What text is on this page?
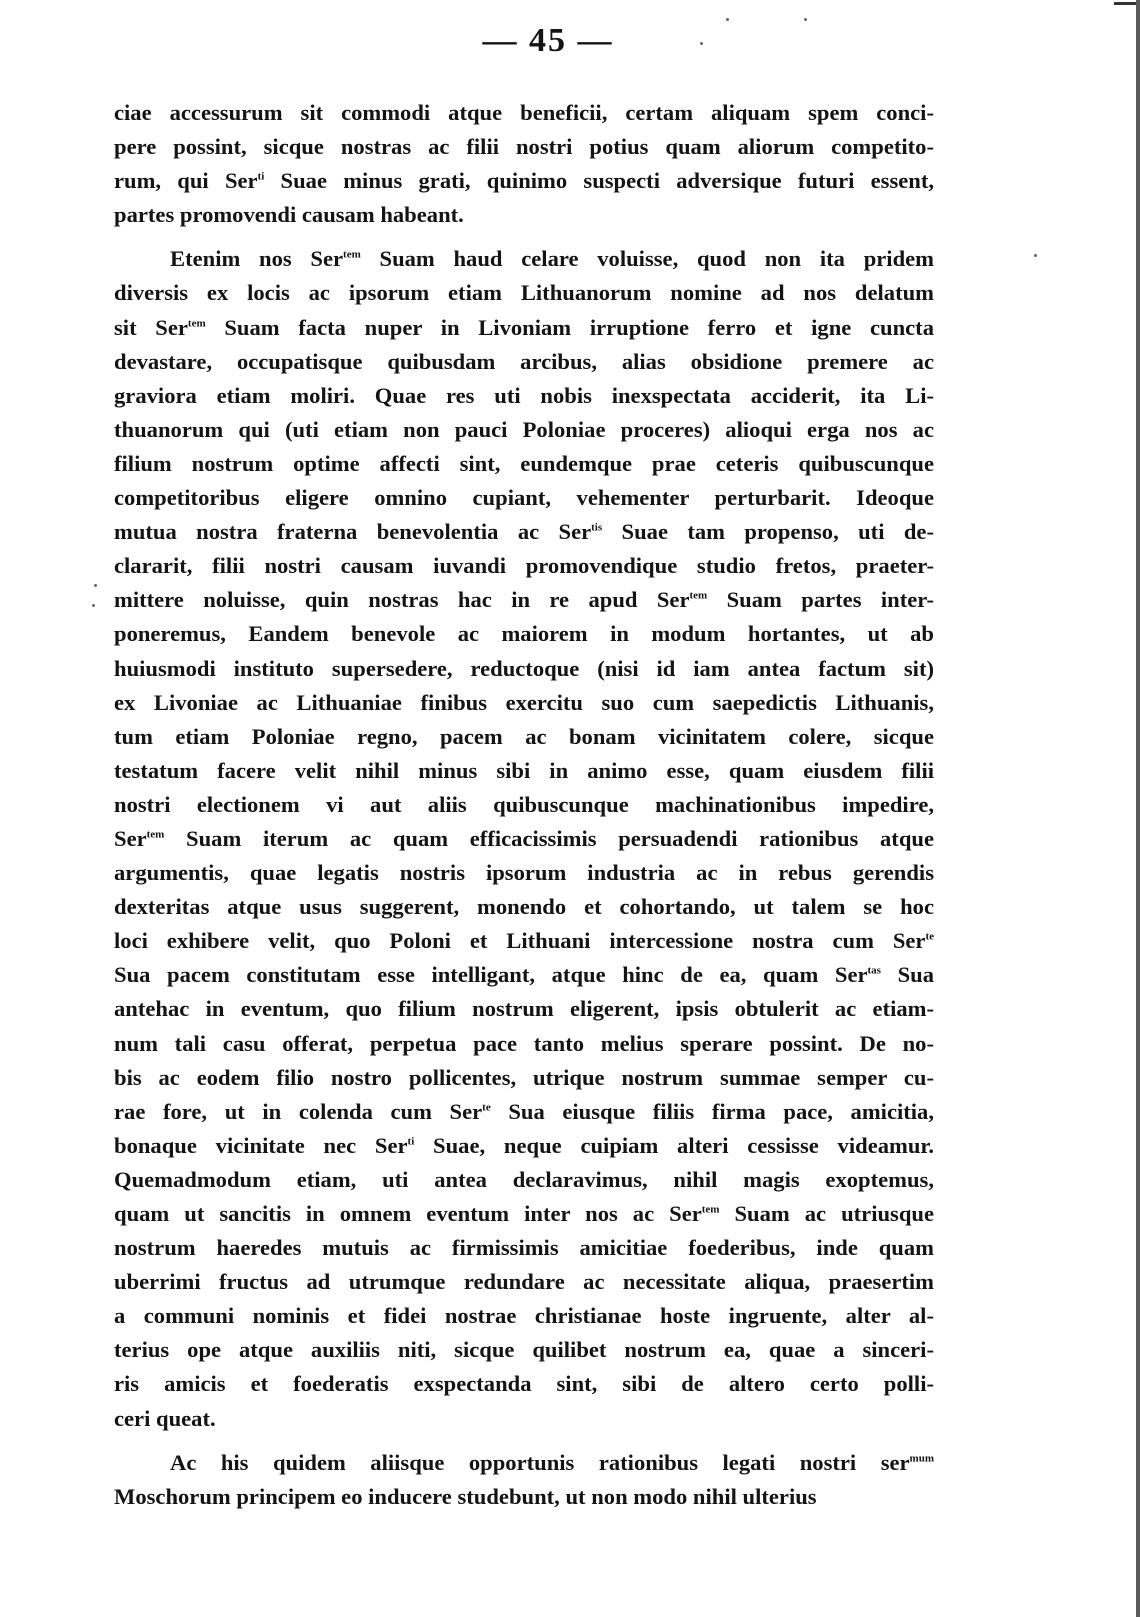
— 45 —
ciae accessurum sit commodi atque beneficii, certam aliquam spem conci-
pere possint, sicque nostras ac filii nostri potius quam aliorum competito-
rum, qui Ser$^{ti}$ Suae minus grati, quinimo suspecti adversique futuri essent,
partes promovendi causam habeant.
Etenim nos Ser$^{tem}$ Suam haud celare voluisse, quod non ita pridem
diversis ex locis ac ipsorum etiam Lithuanorum nomine ad nos delatum
sit Ser$^{tem}$ Suam facta nuper in Livoniam irruptione ferro et igne cuncta
devastare, occupatisque quibusdam arcibus, alias obsidione premere ac
graviora etiam moliri. Quae res uti nobis inexspectata acciderit, ita Li-
thuanorum qui (uti etiam non pauci Poloniae proceres) alioqui erga nos ac
filium nostrum optime affecti sint, eundemque prae ceteris quibuscunque
competitoribus eligere omnino cupiant, vehementer perturbarit. Ideoque
mutua nostra fraterna benevolentia ac Ser$^{tis}$ Suae tam propenso, uti de-
clararit, filii nostri causam iuvandi promovendique studio fretos, praeter-
mittere noluisse, quin nostras hac in re apud Ser$^{tem}$ Suam partes inter-
poneremus, Eandem benevole ac maiorem in modum hortantes, ut ab
huiusmodi instituto supersedere, reductoque (nisi id iam antea factum sit)
ex Livoniae ac Lithuaniae finibus exercitu suo cum saepedictis Lithuanis,
tum etiam Poloniae regno, pacem ac bonam vicinitatem colere, sicque
testatum facere velit nihil minus sibi in animo esse, quam eiusdem filii
nostri electionem vi aut aliis quibuscunque machinationibus impedire,
Ser$^{tem}$ Suam iterum ac quam efficacissimis persuadendi rationibus atque
argumentis, quae legatis nostris ipsorum industria ac in rebus gerendis
dexteritas atque usus suggerent, monendo et cohortando, ut talem se hoc
loci exhibere velit, quo Poloni et Lithuani intercessione nostra cum Ser$^{te}$
Sua pacem constitutam esse intelligant, atque hinc de ea, quam Ser$^{tas}$ Sua
antehac in eventum, quo filium nostrum eligerent, ipsis obtulerit ac etiam-
num tali casu offerat, perpetua pace tanto melius sperare possint. De no-
bis ac eodem filio nostro pollicentes, utrique nostrum summae semper cu-
rae fore, ut in colenda cum Ser$^{te}$ Sua eiusque filiis firma pace, amicitia,
bonaque vicinitate nec Ser$^{ti}$ Suae, neque cuipiam alteri cessisse videamur.
Quemadmodum etiam, uti antea declaravimus, nihil magis exoptemus,
quam ut sancitis in omnem eventum inter nos ac Ser$^{tem}$ Suam ac utriusque
nostrum haeredes mutuis ac firmissimis amicitiae foederibus, inde quam
uberrimi fructus ad utrumque redundare ac necessitate aliqua, praesertim
a communi nominis et fidei nostrae christianae hoste ingruente, alter al-
terius ope atque auxiliis niti, sicque quilibet nostrum ea, quae a sinceri-
ris amicis et foederatis exspectanda sint, sibi de altero certo polli-
ceri queat.
Ac his quidem aliisque opportunis rationibus legati nostri ser$^{mum}$
Moschorum principem eo inducere studebunt, ut non modo nihil ulterius
